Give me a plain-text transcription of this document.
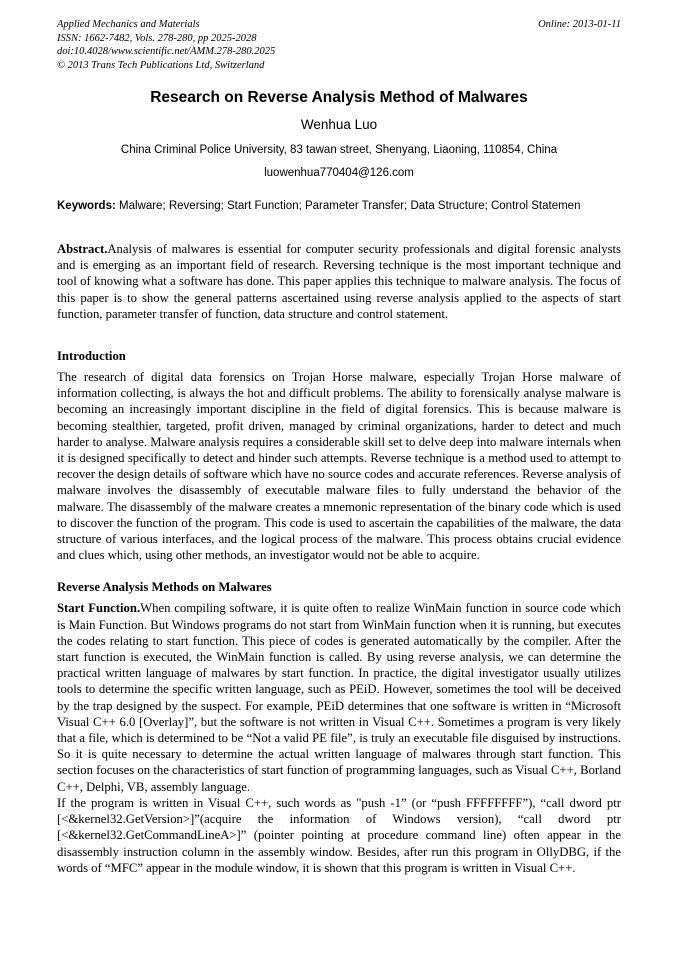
Applied Mechanics and Materials
ISSN: 1662-7482, Vols. 278-280, pp 2025-2028
doi:10.4028/www.scientific.net/AMM.278-280.2025
© 2013 Trans Tech Publications Ltd, Switzerland
Online: 2013-01-11
Research on Reverse Analysis Method of Malwares
Wenhua Luo
China Criminal Police University, 83 tawan street, Shenyang, Liaoning, 110854, China
luowenhua770404@126.com

Keywords: Malware; Reversing; Start Function; Parameter Transfer; Data Structure; Control Statemen

Abstract.Analysis of malwares is essential for computer security professionals and digital forensic analysts and is emerging as an important field of research. Reversing technique is the most important technique and tool of knowing what a software has done. This paper applies this technique to malware analysis. The focus of this paper is to show the general patterns ascertained using reverse analysis applied to the aspects of start function, parameter transfer of function, data structure and control statement.

Introduction

The research of digital data forensics on Trojan Horse malware, especially Trojan Horse malware of information collecting, is always the hot and difficult problems. The ability to forensically analyse malware is becoming an increasingly important discipline in the field of digital forensics. This is because malware is becoming stealthier, targeted, profit driven, managed by criminal organizations, harder to detect and much harder to analyse. Malware analysis requires a considerable skill set to delve deep into malware internals when it is designed specifically to detect and hinder such attempts. Reverse technique is a method used to attempt to recover the design details of software which have no source codes and accurate references. Reverse analysis of malware involves the disassembly of executable malware files to fully understand the behavior of the malware. The disassembly of the malware creates a mnemonic representation of the binary code which is used to discover the function of the program. This code is used to ascertain the capabilities of the malware, the data structure of various interfaces, and the logical process of the malware. This process obtains crucial evidence and clues which, using other methods, an investigator would not be able to acquire.

Reverse Analysis Methods on Malwares

Start Function.When compiling software, it is quite often to realize WinMain function in source code which is Main Function. But Windows programs do not start from WinMain function when it is running, but executes the codes relating to start function. This piece of codes is generated automatically by the compiler. After the start function is executed, the WinMain function is called. By using reverse analysis, we can determine the practical written language of malwares by start function. In practice, the digital investigator usually utilizes tools to determine the specific written language, such as PEiD. However, sometimes the tool will be deceived by the trap designed by the suspect. For example, PEiD determines that one software is written in “Microsoft Visual C++ 6.0 [Overlay]”, but the software is not written in Visual C++. Sometimes a program is very likely that a file, which is determined to be “Not a valid PE file”, is truly an executable file disguised by instructions. So it is quite necessary to determine the actual written language of malwares through start function. This section focuses on the characteristics of start function of programming languages, such as Visual C++, Borland C++, Delphi, VB, assembly language.

If the program is written in Visual C++, such words as "push -1” (or “push FFFFFFFF”), “call dword ptr [<&kernel32.GetVersion>]”(acquire the information of Windows version), “call dword ptr [<&kernel32.GetCommandLineA>]” (pointer pointing at procedure command line) often appear in the disassembly instruction column in the assembly window. Besides, after run this program in OllyDBG, if the words of “MFC” appear in the module window, it is shown that this program is written in Visual C++.
